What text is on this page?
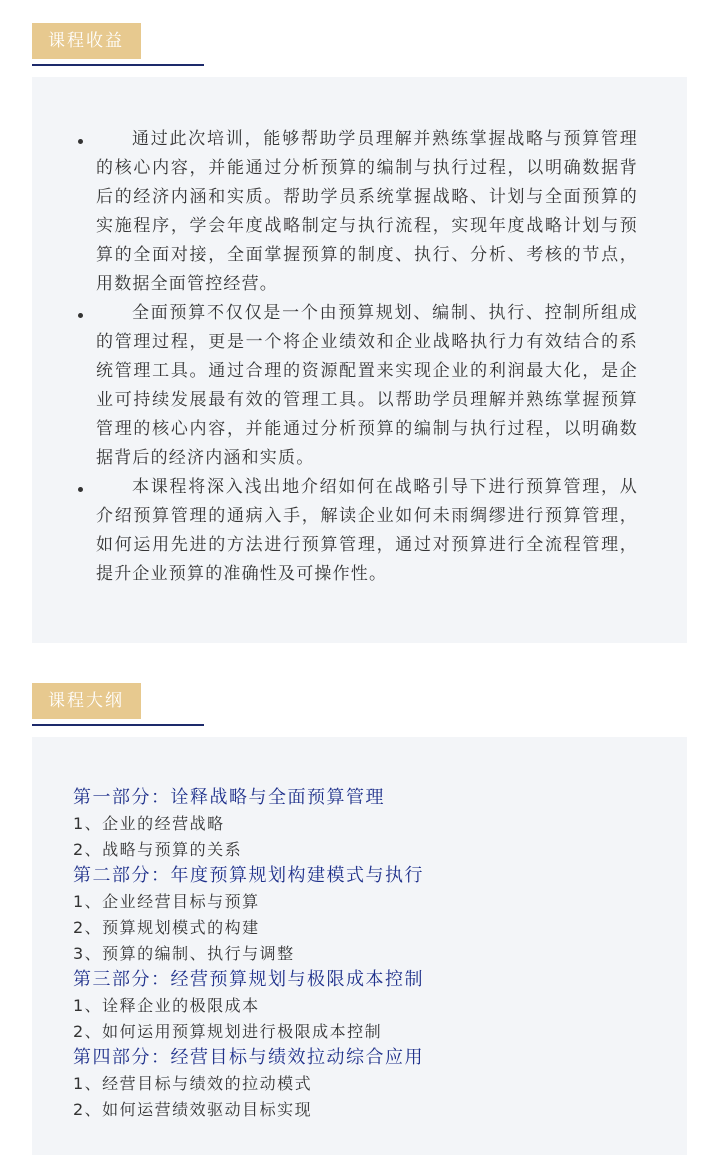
课程收益
通过此次培训，能够帮助学员理解并熟练掌握战略与预算管理的核心内容，并能通过分析预算的编制与执行过程，以明确数据背后的经济内涵和实质。帮助学员系统掌握战略、计划与全面预算的实施程序，学会年度战略制定与执行流程，实现年度战略计划与预算的全面对接，全面掌握预算的制度、执行、分析、考核的节点，用数据全面管控经营。
全面预算不仅仅是一个由预算规划、编制、执行、控制所组成的管理过程，更是一个将企业绩效和企业战略执行力有效结合的系统管理工具。通过合理的资源配置来实现企业的利润最大化，是企业可持续发展最有效的管理工具。以帮助学员理解并熟练掌握预算管理的核心内容，并能通过分析预算的编制与执行过程，以明确数据背后的经济内涵和实质。
本课程将深入浅出地介绍如何在战略引导下进行预算管理，从介绍预算管理的通病入手，解读企业如何未雨绸缪进行预算管理，如何运用先进的方法进行预算管理，通过对预算进行全流程管理，提升企业预算的准确性及可操作性。
课程大纲
第一部分：诠释战略与全面预算管理
1、企业的经营战略
2、战略与预算的关系
第二部分：年度预算规划构建模式与执行
1、企业经营目标与预算
2、预算规划模式的构建
3、预算的编制、执行与调整
第三部分：经营预算规划与极限成本控制
1、诠释企业的极限成本
2、如何运用预算规划进行极限成本控制
第四部分：经营目标与绩效拉动综合应用
1、经营目标与绩效的拉动模式
2、如何运营绩效驱动目标实现
